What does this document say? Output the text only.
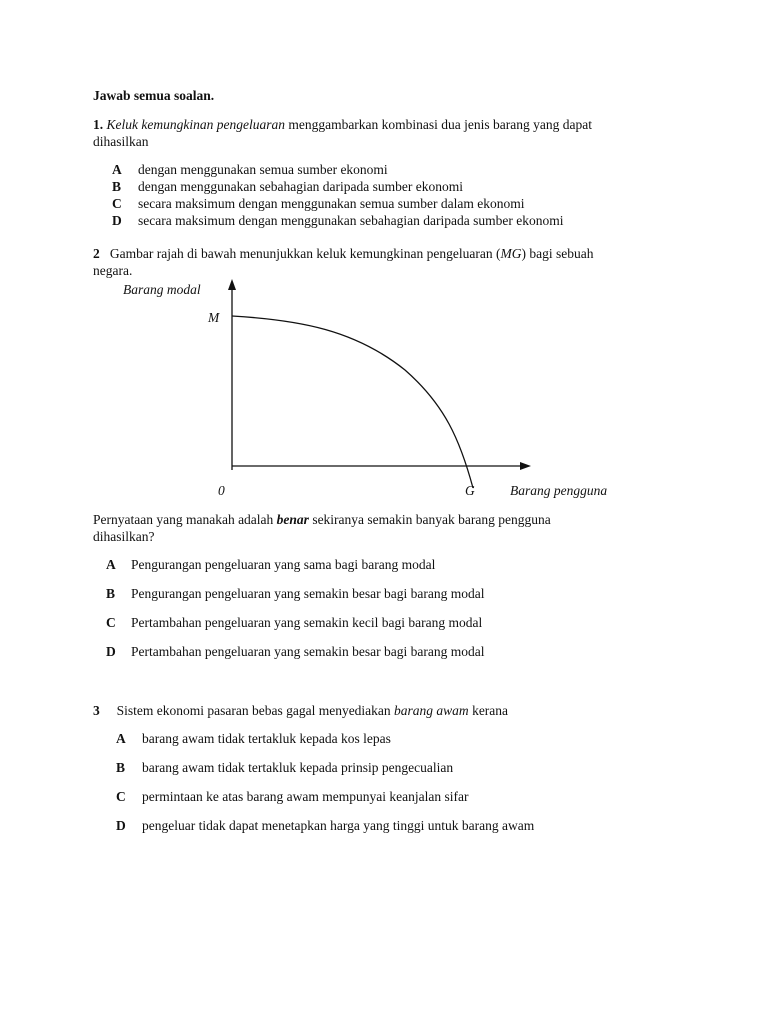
Jawab semua soalan.
1. Keluk kemungkinan pengeluaran menggambarkan kombinasi dua jenis barang yang dapat
dihasilkan
A dengan menggunakan semua sumber ekonomi
B dengan menggunakan sebahagian daripada sumber ekonomi
C secara maksimum dengan menggunakan semua sumber dalam ekonomi
D secara maksimum dengan menggunakan sebahagian daripada sumber ekonomi
2 Gambar rajah di bawah menunjukkan keluk kemungkinan pengeluaran (MG) bagi sebuah
negara.
Barang modal
M
0	G	Barang pengguna
Pernyataan yang manakah adalah benar sekiranya semakin banyak barang pengguna
dihasilkan?
A Pengurangan pengeluaran yang sama bagi barang modal
B Pengurangan pengeluaran yang semakin besar bagi barang modal
C Pertambahan pengeluaran yang semakin kecil bagi barang modal
D Pertambahan pengeluaran yang semakin besar bagi barang modal
3 Sistem ekonomi pasaran bebas gagal menyediakan barang awam kerana
A barang awam tidak tertakluk kepada kos lepas
B barang awam tidak tertakluk kepada prinsip pengecualian
C permintaan ke atas barang awam mempunyai keanjalan sifar
D pengeluar tidak dapat menetapkan harga yang tinggi untuk barang awam
